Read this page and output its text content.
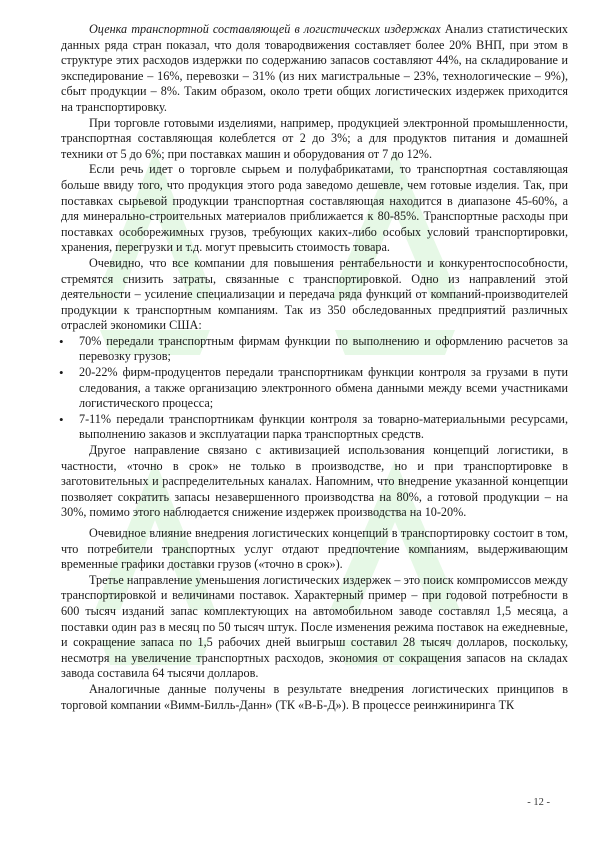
Оценка транспортной составляющей в логистических издержках Анализ статистических данных ряда стран показал, что доля товародвижения составляет более 20% ВНП, при этом в структуре этих расходов издержки по содержанию запасов составляют 44%, на складирование и экспедирование – 16%, перевозки – 31% (из них магистральные – 23%, технологические – 9%), сбыт продукции – 8%. Таким образом, около трети общих логистических издержек приходится на транспортировку.

При торговле готовыми изделиями, например, продукцией электронной промышленности, транспортная составляющая колеблется от 2 до 3%; а для продуктов питания и домашней техники от 5 до 6%; при поставках машин и оборудования от 7 до 12%.

Если речь идет о торговле сырьем и полуфабрикатами, то транспортная составляющая больше ввиду того, что продукция этого рода заведомо дешевле, чем готовые изделия. Так, при поставках сырьевой продукции транспортная составляющая находится в диапазоне 45-60%, а для минерально-строительных материалов приближается к 80-85%. Транспортные расходы при поставках особорежимных грузов, требующих каких-либо особых условий транспортировки, хранения, перегрузки и т.д. могут превысить стоимость товара.

Очевидно, что все компании для повышения рентабельности и конкурентоспособности, стремятся снизить затраты, связанные с транспортировкой. Одно из направлений этой деятельности – усиление специализации и передача ряда функций от компаний-производителей продукции к транспортным компаниям. Так из 350 обследованных предприятий различных отраслей экономики США:

• 70% передали транспортным фирмам функции по выполнению и оформлению расчетов за перевозку грузов;
• 20-22% фирм-продуцентов передали транспортникам функции контроля за грузами в пути следования, а также организацию электронного обмена данными между всеми участниками логистического процесса;
• 7-11% передали транспортникам функции контроля за товарно-материальными ресурсами, выполнению заказов и эксплуатации парка транспортных средств.

Другое направление связано с активизацией использования концепций логистики, в частности, «точно в срок» не только в производстве, но и при транспортировке в заготовительных и распределительных каналах. Напомним, что внедрение указанной концепции позволяет сократить запасы незавершенного производства на 80%, а готовой продукции – на 30%, помимо этого наблюдается снижение издержек производства на 10-20%.

Очевидное влияние внедрения логистических концепций в транспортировку состоит в том, что потребители транспортных услуг отдают предпочтение компаниям, выдерживающим временные графики доставки грузов («точно в срок»).

Третье направление уменьшения логистических издержек – это поиск компромиссов между транспортировкой и величинами поставок. Характерный пример – при годовой потребности в 600 тысяч изданий запас комплектующих на автомобильном заводе составлял 1,5 месяца, а поставки один раз в месяц по 50 тысяч штук. После изменения режима поставок на ежедневные, и сокращение запаса по 1,5 рабочих дней выигрыш составил 28 тысяч долларов, поскольку, несмотря на увеличение транспортных расходов, экономия от сокращения запасов на складах завода составила 64 тысячи долларов.

Аналогичные данные получены в результате внедрения логистических принципов в торговой компании «Вимм-Билль-Данн» (ТК «В-Б-Д»). В процессе реинжиниринга ТК

- 12 -
